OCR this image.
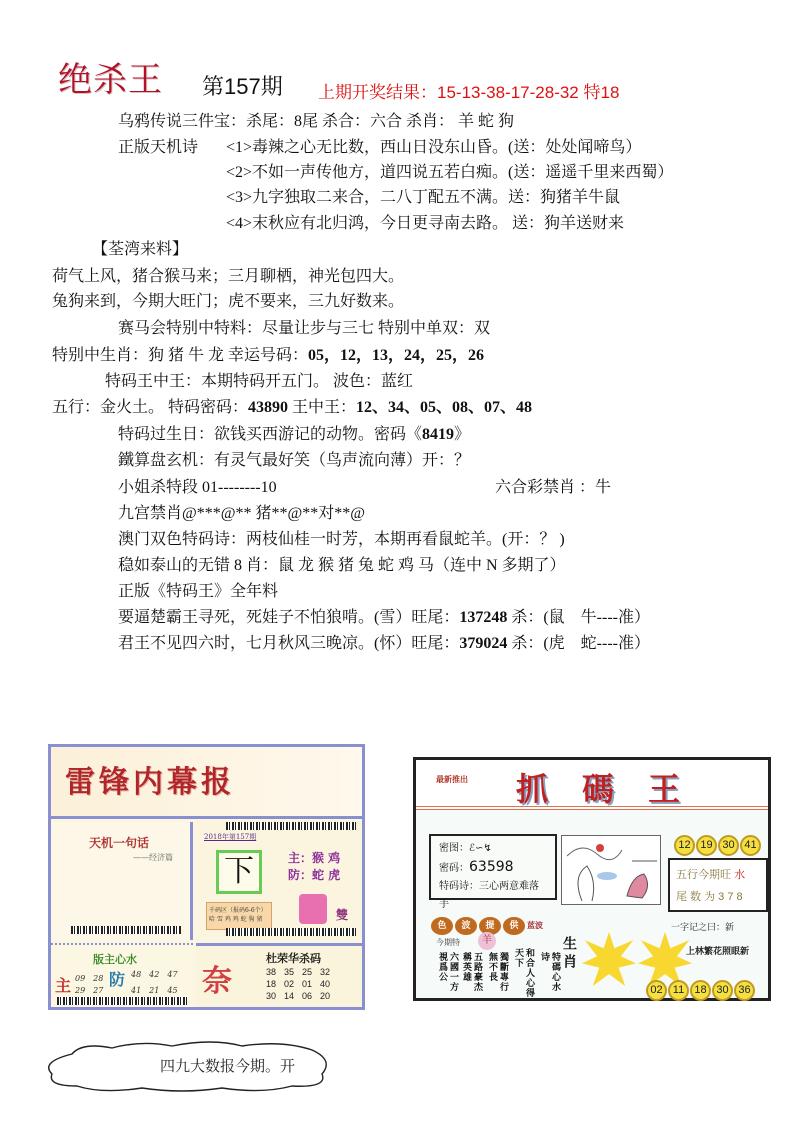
绝杀王 第157期 上期开奖结果：15-13-38-17-28-32 特18
乌鸦传说三件宝：杀尾：8尾 杀合：六合 杀肖： 羊 蛇 狗
正版天机诗 <1>毒辣之心无比数，西山日没东山昏。(送：处处闻啼鸟）
<2>不如一声传他方，道四说五若白痴。(送：遥遥千里来西蜀）
<3>九字独取二来合，二八丁配五不满。送：狗猪羊牛鼠
<4>末秋应有北归鸿，今日更寻南去路。 送：狗羊送财来
【荃湾来料】
荷气上风，猪合猴马来；三月聊栖，神光包四大。
兔狗来到，今期大旺门；虎不要来，三九好数来。
赛马会特别中特料：尽量让步与三七 特别中单双：双
特别中生肖：狗 猪 牛 龙 幸运号码：05，12，13，24，25，26
特码王中王：本期特码开五门。 波色：蓝红
五行：金火土。 特码密码：43890 王中王：12、34、05、08、07、48
特码过生日：欲钱买西游记的动物。密码《8419》
鐵算盘玄机：有灵气最好笑（鸟声流向薄）开：？
小姐杀特段 01--------10	六合彩禁肖 ：牛
九宫禁肖@***@** 猪**@**对**@
澳门双色特码诗：两枝仙桂一时芳，本期再看鼠蛇羊。(开：？ )
稳如泰山的无错 8 肖：鼠 龙 猴 猪 兔 蛇 鸡 马（连中 N 多期了）
正版《特码王》全年料
要逼楚霸王寻死，死娃子不怕狼啃。(雪）旺尾：137248 杀：(鼠　牛----准）
君王不见四六时，七月秋风三晚凉。(怀）旺尾：379024 杀：(虎　蛇----准）
雷锋内幕报
天机一句话
——经济篇
2018年第157期
下	主：猴 鸡
防：蛇 虎
千码区（报码6-6个）
哈 雪 鸡 鸡 蛇 狗 猪	雙
版主心水
主 09　28
29　27
防 48　42　47
41　21　45 奈
杜荣华杀码
38 35 25 32
18 02 01 40
30 14 06 20
最新推出 抓碼王
密图：ℰ∽↯
密码：63598
特码诗：三心两意难落手
12 19 30 41
五行今期旺 水
尾 数 为 3 7 8
色 波 提 供 蓝波
今期特	羊
六國一方視爲公	五路豪杰稱英雄	獨斷專行無不長	和合人心得天下	特碼心水诗 生肖
一字记之曰：新
上林繁花照眼新
02 11 18 30 36
四九大数报今期。开
